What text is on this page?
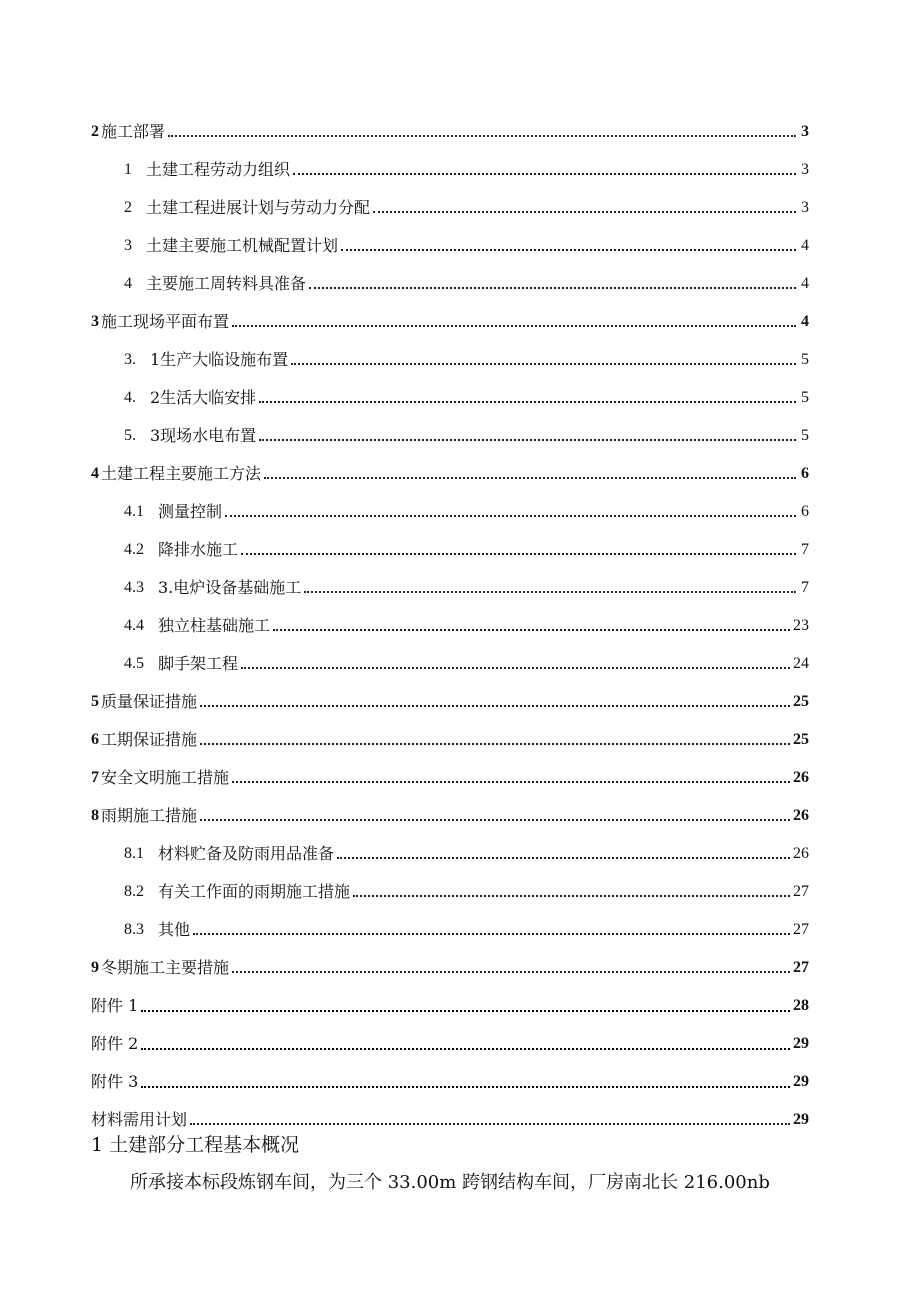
2 施工部署	3
1 土建工程劳动力组织	3
2 土建工程进展计划与劳动力分配	3
3 土建主要施工机械配置计划	4
4 主要施工周转料具准备	4
3 施工现场平面布置	4
3. 1生产大临设施布置	5
4. 2生活大临安排	5
5. 3现场水电布置	5
4 土建工程主要施工方法	6
4.1 测量控制	6
4.2 降排水施工	7
4.3 3.电炉设备基础施工	7
4.4 独立柱基础施工	23
4.5 脚手架工程	24
5 质量保证措施	25
6 工期保证措施	25
7 安全文明施工措施	26
8 雨期施工措施	26
8.1 材料贮备及防雨用品准备	26
8.2 有关工作面的雨期施工措施	27
8.3 其他	27
9 冬期施工主要措施	27
附件 1	28
附件 2	29
附件 3	29
材料需用计划	29
1 土建部分工程基本概况
所承接本标段炼钢车间，为三个 33.00m 跨钢结构车间，厂房南北长 216.00nb
